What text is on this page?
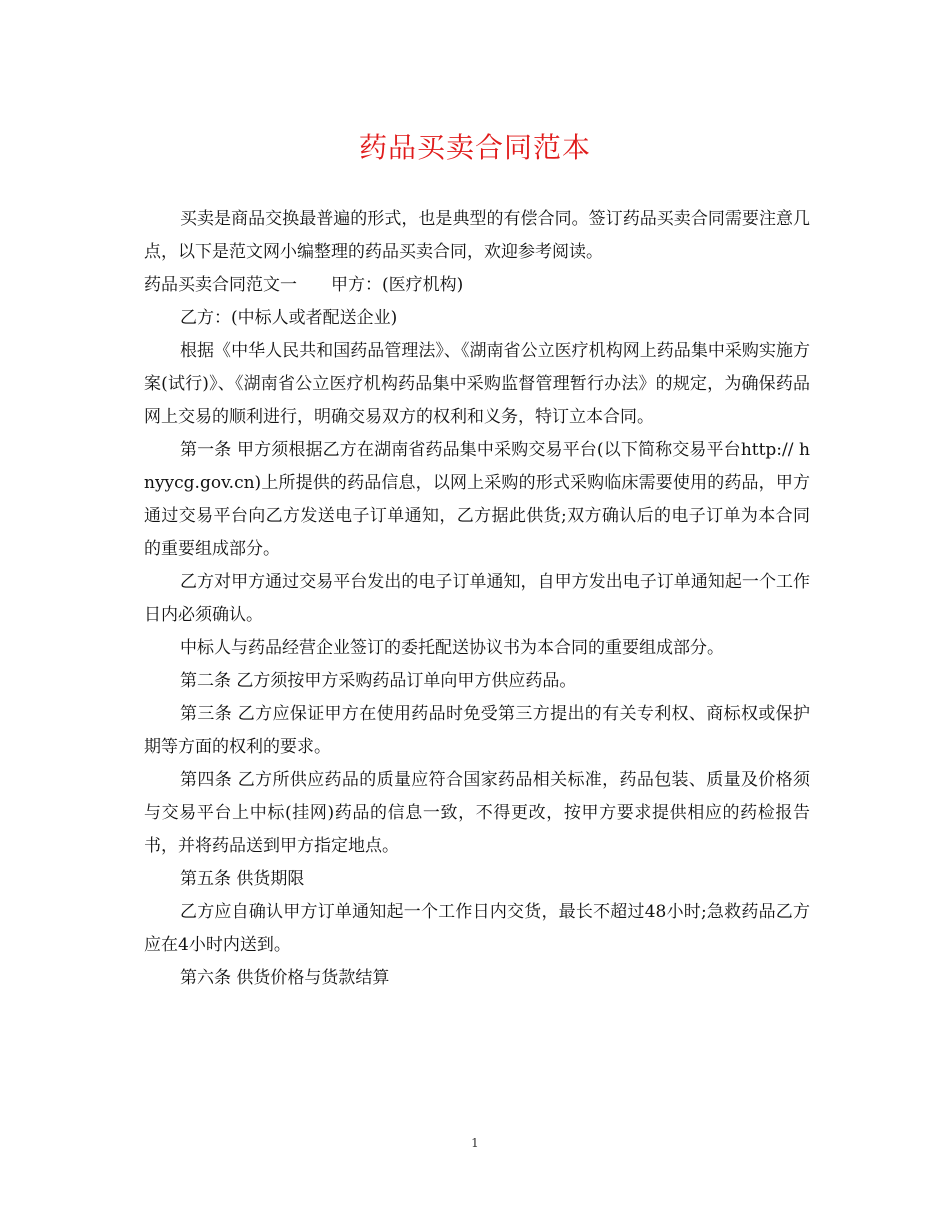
药品买卖合同范本

买卖是商品交换最普遍的形式，也是典型的有偿合同。签订药品买卖合同需要注意几点，以下是范文网小编整理的药品买卖合同，欢迎参考阅读。

药品买卖合同范文一 甲方：(医疗机构)

乙方：(中标人或者配送企业)

根据《中华人民共和国药品管理法》、《湖南省公立医疗机构网上药品集中采购实施方案(试行)》、《湖南省公立医疗机构药品集中采购监督管理暂行办法》的规定，为确保药品网上交易的顺利进行，明确交易双方的权利和义务，特订立本合同。

第一条 甲方须根据乙方在湖南省药品集中采购交易平台(以下简称交易平台http:// hnyycg.gov.cn)上所提供的药品信息，以网上采购的形式采购临床需要使用的药品，甲方通过交易平台向乙方发送电子订单通知，乙方据此供货;双方确认后的电子订单为本合同的重要组成部分。

乙方对甲方通过交易平台发出的电子订单通知，自甲方发出电子订单通知起一个工作日内必须确认。

中标人与药品经营企业签订的委托配送协议书为本合同的重要组成部分。

第二条 乙方须按甲方采购药品订单向甲方供应药品。

第三条 乙方应保证甲方在使用药品时免受第三方提出的有关专利权、商标权或保护期等方面的权利的要求。

第四条 乙方所供应药品的质量应符合国家药品相关标准，药品包装、质量及价格须与交易平台上中标(挂网)药品的信息一致，不得更改，按甲方要求提供相应的药检报告书，并将药品送到甲方指定地点。

第五条 供货期限

乙方应自确认甲方订单通知起一个工作日内交货，最长不超过48小时;急救药品乙方应在4小时内送到。

第六条 供货价格与货款结算

1
